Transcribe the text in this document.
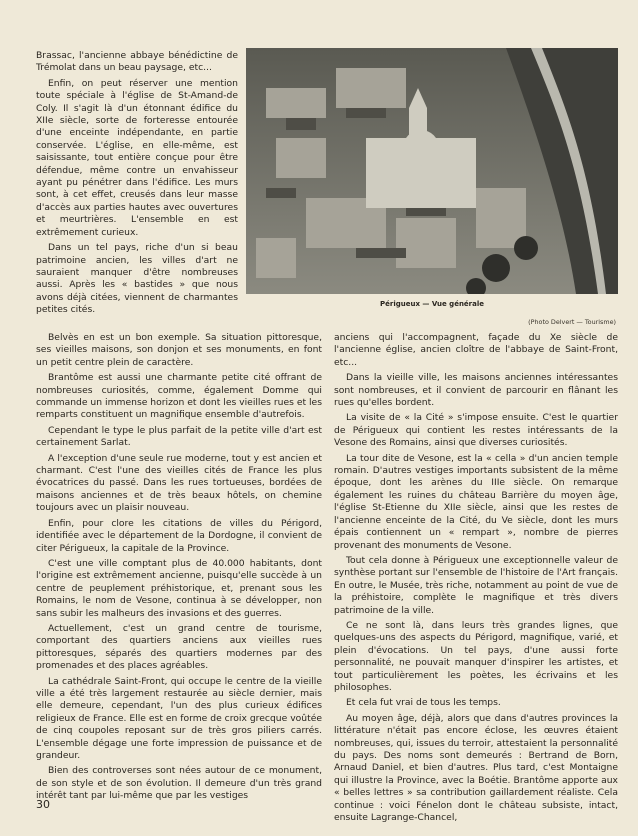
Brassac, l'ancienne abbaye bénédictine de Trémolat dans un beau paysage, etc...

Enfin, on peut réserver une mention toute spéciale à l'église de St-Amand-de Coly. Il s'agit là d'un étonnant édifice du XIIe siècle, sorte de forteresse entourée d'une enceinte indépendante, en partie conservée. L'église, en elle-même, est saisissante, tout entière conçue pour être défendue, même contre un envahisseur ayant pu pénétrer dans l'édifice. Les murs sont, à cet effet, creusés dans leur masse d'accès aux parties hautes avec ouvertures et meurtrières. L'ensemble en est extrêmement curieux.

Dans un tel pays, riche d'un si beau patrimoine ancien, les villes d'art ne sauraient manquer d'être nombreuses aussi. Après les « bastides » que nous avons déjà citées, viennent de charmantes petites cités.

Périgueux — Vue générale
(Photo Delvert — Tourisme)

Belvès en est un bon exemple. Sa situation pittoresque, ses vieilles maisons, son donjon et ses monuments, en font un petit centre plein de caractère.

Brantôme est aussi une charmante petite cité offrant de nombreuses curiosités, comme, également Domme qui commande un immense horizon et dont les vieilles rues et les remparts constituent un magnifique ensemble d'autrefois.

Cependant le type le plus parfait de la petite ville d'art est certainement Sarlat.

A l'exception d'une seule rue moderne, tout y est ancien et charmant. C'est l'une des vieilles cités de France les plus évocatrices du passé. Dans les rues tortueuses, bordées de maisons anciennes et de très beaux hôtels, on chemine toujours avec un plaisir nouveau.

Enfin, pour clore les citations de villes du Périgord, identifiée avec le département de la Dordogne, il convient de citer Périgueux, la capitale de la Province.

C'est une ville comptant plus de 40.000 habitants, dont l'origine est extrêmement ancienne, puisqu'elle succède à un centre de peuplement préhistorique, et, prenant sous les Romains, le nom de Vesone, continua à se développer, non sans subir les malheurs des invasions et des guerres.

Actuellement, c'est un grand centre de tourisme, comportant des quartiers anciens aux vieilles rues pittoresques, séparés des quartiers modernes par des promenades et des places agréables.

La cathédrale Saint-Front, qui occupe le centre de la vieille ville a été très largement restaurée au siècle dernier, mais elle demeure, cependant, l'un des plus curieux édifices religieux de France. Elle est en forme de croix grecque voûtée de cinq coupoles reposant sur de très gros piliers carrés. L'ensemble dégage une forte impression de puissance et de grandeur.

Bien des controverses sont nées autour de ce monument, de son style et de son évolution. Il demeure d'un très grand intérêt tant par lui-même que par les vestiges

anciens qui l'accompagnent, façade du Xe siècle de l'ancienne église, ancien cloître de l'abbaye de Saint-Front, etc...

Dans la vieille ville, les maisons anciennes intéressantes sont nombreuses, et il convient de parcourir en flânant les rues qu'elles bordent.

La visite de « la Cité » s'impose ensuite. C'est le quartier de Périgueux qui contient les restes intéressants de la Vesone des Romains, ainsi que diverses curiosités.

La tour dite de Vesone, est la « cella » d'un ancien temple romain. D'autres vestiges importants subsistent de la même époque, dont les arènes du IIIe siècle. On remarque également les ruines du château Barrière du moyen âge, l'église St-Etienne du XIIe siècle, ainsi que les restes de l'ancienne enceinte de la Cité, du Ve siècle, dont les murs épais contiennent un « rempart », nombre de pierres provenant des monuments de Vesone.

Tout cela donne à Périgueux une exceptionnelle valeur de synthèse portant sur l'ensemble de l'histoire de l'Art français. En outre, le Musée, très riche, notamment au point de vue de la préhistoire, complète le magnifique et très divers patrimoine de la ville.

Ce ne sont là, dans leurs très grandes lignes, que quelques-uns des aspects du Périgord, magnifique, varié, et plein d'évocations. Un tel pays, d'une aussi forte personnalité, ne pouvait manquer d'inspirer les artistes, et tout particulièrement les poètes, les écrivains et les philosophes.

Et cela fut vrai de tous les temps.

Au moyen âge, déjà, alors que dans d'autres provinces la littérature n'était pas encore éclose, les œuvres étaient nombreuses, qui, issues du terroir, attestaient la personnalité du pays. Des noms sont demeurés : Bertrand de Born, Arnaud Daniel, et bien d'autres. Plus tard, c'est Montaigne qui illustre la Province, avec la Boétie. Brantôme apporte aux « belles lettres » sa contribution gaillardement réaliste. Cela continue : voici Fénelon dont le château subsiste, intact, ensuite Lagrange-Chancel,

30
